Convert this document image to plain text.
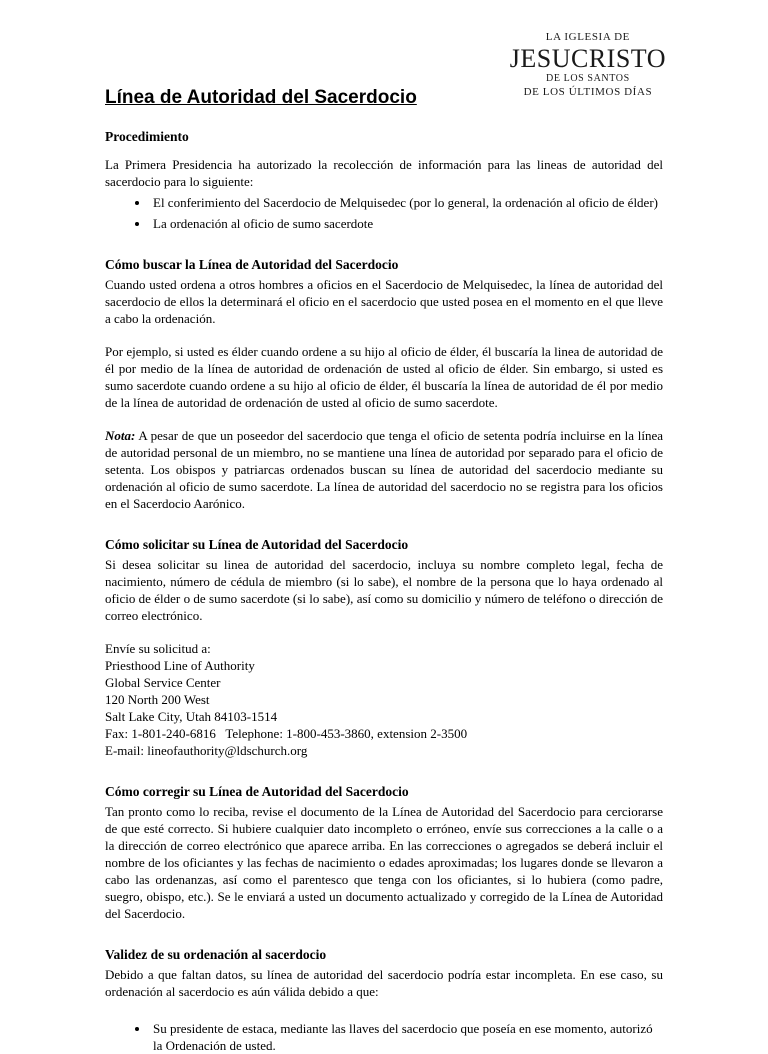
LA IGLESIA DE
JESUCRISTO
DE LOS SANTOS
DE LOS ÚLTIMOS DÍAS
Línea de Autoridad del Sacerdocio
Procedimiento

La Primera Presidencia ha autorizado la recolección de información para las lineas de autoridad del sacerdocio para lo siguiente:

• El conferimiento del Sacerdocio de Melquisedec (por lo general, la ordenación al oficio de élder)
• La ordenación al oficio de sumo sacerdote
Cómo buscar la Línea de Autoridad del Sacerdocio

Cuando usted ordena a otros hombres a oficios en el Sacerdocio de Melquisedec, la línea de autoridad del sacerdocio de ellos la determinará el oficio en el sacerdocio que usted posea en el momento en el que lleve a cabo la ordenación.

Por ejemplo, si usted es élder cuando ordene a su hijo al oficio de élder, él buscaría la linea de autoridad de él por medio de la línea de autoridad de ordenación de usted al oficio de élder. Sin embargo, si usted es sumo sacerdote cuando ordene a su hijo al oficio de élder, él buscaría la línea de autoridad de él por medio de la línea de autoridad de ordenación de usted al oficio de sumo sacerdote.

Nota: A pesar de que un poseedor del sacerdocio que tenga el oficio de setenta podría incluirse en la línea de autoridad personal de un miembro, no se mantiene una línea de autoridad por separado para el oficio de setenta. Los obispos y patriarcas ordenados buscan su línea de autoridad del sacerdocio mediante su ordenación al oficio de sumo sacerdote. La línea de autoridad del sacerdocio no se registra para los oficios en el Sacerdocio Aarónico.

Cómo solicitar su Línea de Autoridad del Sacerdocio

Si desea solicitar su linea de autoridad del sacerdocio, incluya su nombre completo legal, fecha de nacimiento, número de cédula de miembro (si lo sabe), el nombre de la persona que lo haya ordenado al oficio de élder o de sumo sacerdote (si lo sabe), así como su domicilio y número de teléfono o dirección de correo electrónico.

Envíe su solicitud a:
Priesthood Line of Authority
Global Service Center
120 North 200 West
Salt Lake City, Utah 84103-1514
Fax: 1-801-240-6816   Telephone: 1-800-453-3860, extension 2-3500
E-mail: lineofauthority@ldschurch.org
Cómo corregir su Línea de Autoridad del Sacerdocio

Tan pronto como lo reciba, revise el documento de la Línea de Autoridad del Sacerdocio para cerciorarse de que esté correcto. Si hubiere cualquier dato incompleto o erróneo, envíe sus correcciones a la calle o a la dirección de correo electrónico que aparece arriba. En las correcciones o agregados se deberá incluir el nombre de los oficiantes y las fechas de nacimiento o edades aproximadas; los lugares donde se llevaron a cabo las ordenanzas, así como el parentesco que tenga con los oficiantes, si lo hubiera (como padre, suegro, obispo, etc.). Se le enviará a usted un documento actualizado y corregido de la Línea de Autoridad del Sacerdocio.

Validez de su ordenación al sacerdocio

Debido a que faltan datos, su línea de autoridad del sacerdocio podría estar incompleta. En ese caso, su ordenación al sacerdocio es aún válida debido a que:

• Su presidente de estaca, mediante las llaves del sacerdocio que poseía en ese momento, autorizó la Ordenación de usted.
